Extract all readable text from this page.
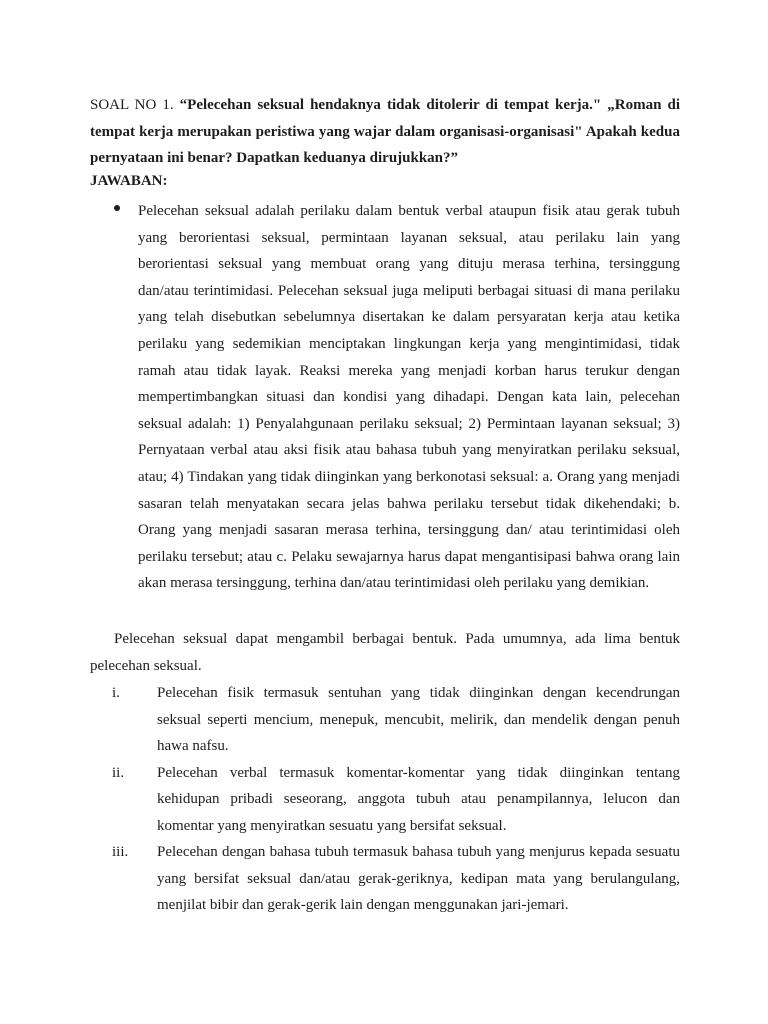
SOAL NO 1. “Pelecehan seksual hendaknya tidak ditolerir di tempat kerja." „Roman di tempat kerja merupakan peristiwa yang wajar dalam organisasi-organisasi" Apakah kedua pernyataan ini benar? Dapatkan keduanya dirujukkan?”
JAWABAN:
Pelecehan seksual adalah perilaku dalam bentuk verbal ataupun fisik atau gerak tubuh yang berorientasi seksual, permintaan layanan seksual, atau perilaku lain yang berorientasi seksual yang membuat orang yang dituju merasa terhina, tersinggung dan/atau terintimidasi. Pelecehan seksual juga meliputi berbagai situasi di mana perilaku yang telah disebutkan sebelumnya disertakan ke dalam persyaratan kerja atau ketika perilaku yang sedemikian menciptakan lingkungan kerja yang mengintimidasi, tidak ramah atau tidak layak. Reaksi mereka yang menjadi korban harus terukur dengan mempertimbangkan situasi dan kondisi yang dihadapi. Dengan kata lain, pelecehan seksual adalah: 1) Penyalahgunaan perilaku seksual; 2) Permintaan layanan seksual; 3) Pernyataan verbal atau aksi fisik atau bahasa tubuh yang menyiratkan perilaku seksual, atau; 4) Tindakan yang tidak diinginkan yang berkonotasi seksual: a. Orang yang menjadi sasaran telah menyatakan secara jelas bahwa perilaku tersebut tidak dikehendaki; b. Orang yang menjadi sasaran merasa terhina, tersinggung dan/ atau terintimidasi oleh perilaku tersebut; atau c. Pelaku sewajarnya harus dapat mengantisipasi bahwa orang lain akan merasa tersinggung, terhina dan/atau terintimidasi oleh perilaku yang demikian.
Pelecehan seksual dapat mengambil berbagai bentuk. Pada umumnya, ada lima bentuk pelecehan seksual.
i. Pelecehan fisik termasuk sentuhan yang tidak diinginkan dengan kecendrungan seksual seperti mencium, menepuk, mencubit, melirik, dan mendelik dengan penuh hawa nafsu.
ii. Pelecehan verbal termasuk komentar-komentar yang tidak diinginkan tentang kehidupan pribadi seseorang, anggota tubuh atau penampilannya, lelucon dan komentar yang menyiratkan sesuatu yang bersifat seksual.
iii. Pelecehan dengan bahasa tubuh termasuk bahasa tubuh yang menjurus kepada sesuatu yang bersifat seksual dan/atau gerak-geriknya, kedipan mata yang berulangulang, menjilat bibir dan gerak-gerik lain dengan menggunakan jari-jemari.
